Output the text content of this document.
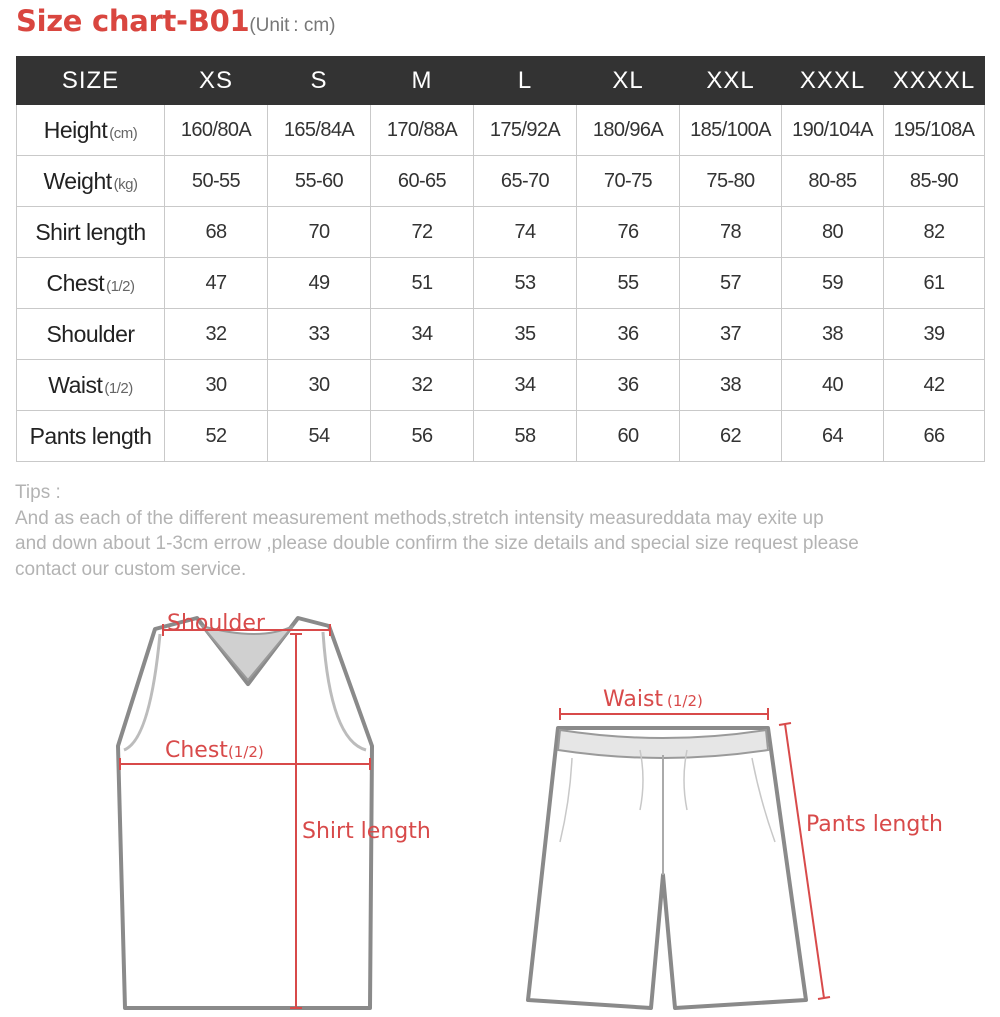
Size chart-B01(Unit : cm)
SIZE	XS	S	M	L	XL	XXL	XXXL	XXXXL
Height (cm)	160/80A	165/84A	170/88A	175/92A	180/96A	185/100A	190/104A	195/108A
Weight (kg)	50-55	55-60	60-65	65-70	70-75	75-80	80-85	85-90
Shirt length	68	70	72	74	76	78	80	82
Chest (1/2)	47	49	51	53	55	57	59	61
Shoulder	32	33	34	35	36	37	38	39
Waist (1/2)	30	30	32	34	36	38	40	42
Pants length	52	54	56	58	60	62	64	66

Tips :

And as each of the different measurement methods,stretch intensity measureddata may exite up

and down about 1-3cm errow ,please double confirm the size details and special size request please

contact our custom service.

Shoulder
Chest(1/2)
Shirt length
Waist (1/2)
Pants length
